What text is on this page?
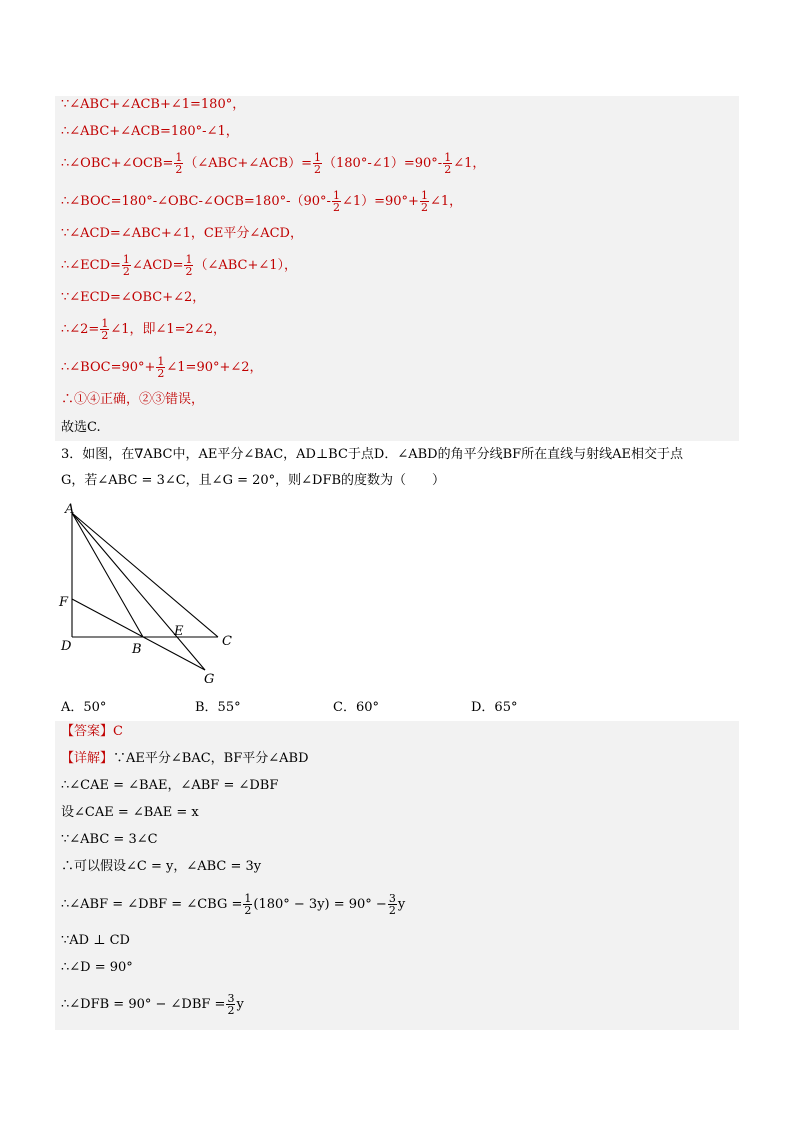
∵∠ABC+∠ACB+∠1=180°，
∴∠ABC+∠ACB=180°-∠1，
∴∠OBC+∠OCB= $\frac{1}{2}$ （∠ABC+∠ACB）= $\frac{1}{2}$ （180°-∠1）=90°- $\frac{1}{2}$ ∠1，
∴∠BOC=180°-∠OBC-∠OCB=180°-（90°- $\frac{1}{2}$ ∠1）=90°+ $\frac{1}{2}$ ∠1，
∵∠ACD=∠ABC+∠1，CE平分∠ACD，
∴∠ECD= $\frac{1}{2}$ ∠ACD= $\frac{1}{2}$ （∠ABC+∠1），
∵∠ECD=∠OBC+∠2，
∴∠2= $\frac{1}{2}$ ∠1，即∠1=2∠2，
∴∠BOC=90°+ $\frac{1}{2}$ ∠1=90°+∠2，
∴①④正确，②③错误，
故选C.
3．如图，在∇ABC中，AE平分∠BAC，AD⊥BC于点D．∠ABD的角平分线BF所在直线与射线AE相交于点
G，若∠ABC = 3∠C，且∠G = 20°，则∠DFB的度数为（　　）
A
F
D	B
E
C
G
A．50°	B．55°	C．60°	D．65°
【答案】C
【详解】∵AE平分∠BAC，BF平分∠ABD
∴∠CAE = ∠BAE，∠ABF = ∠DBF
设∠CAE = ∠BAE = x
∵∠ABC = 3∠C
∴可以假设∠C = y，∠ABC = 3y
∴∠ABF = ∠DBF = ∠CBG = $\frac{1}{2} (180^\circ - 3y) = 90^\circ - \frac{3}{2}$ y
∵AD ⊥ CD
∴∠D = 90°
∴∠DFB = 90° − ∠DBF = $\frac{3}{2}$ y
